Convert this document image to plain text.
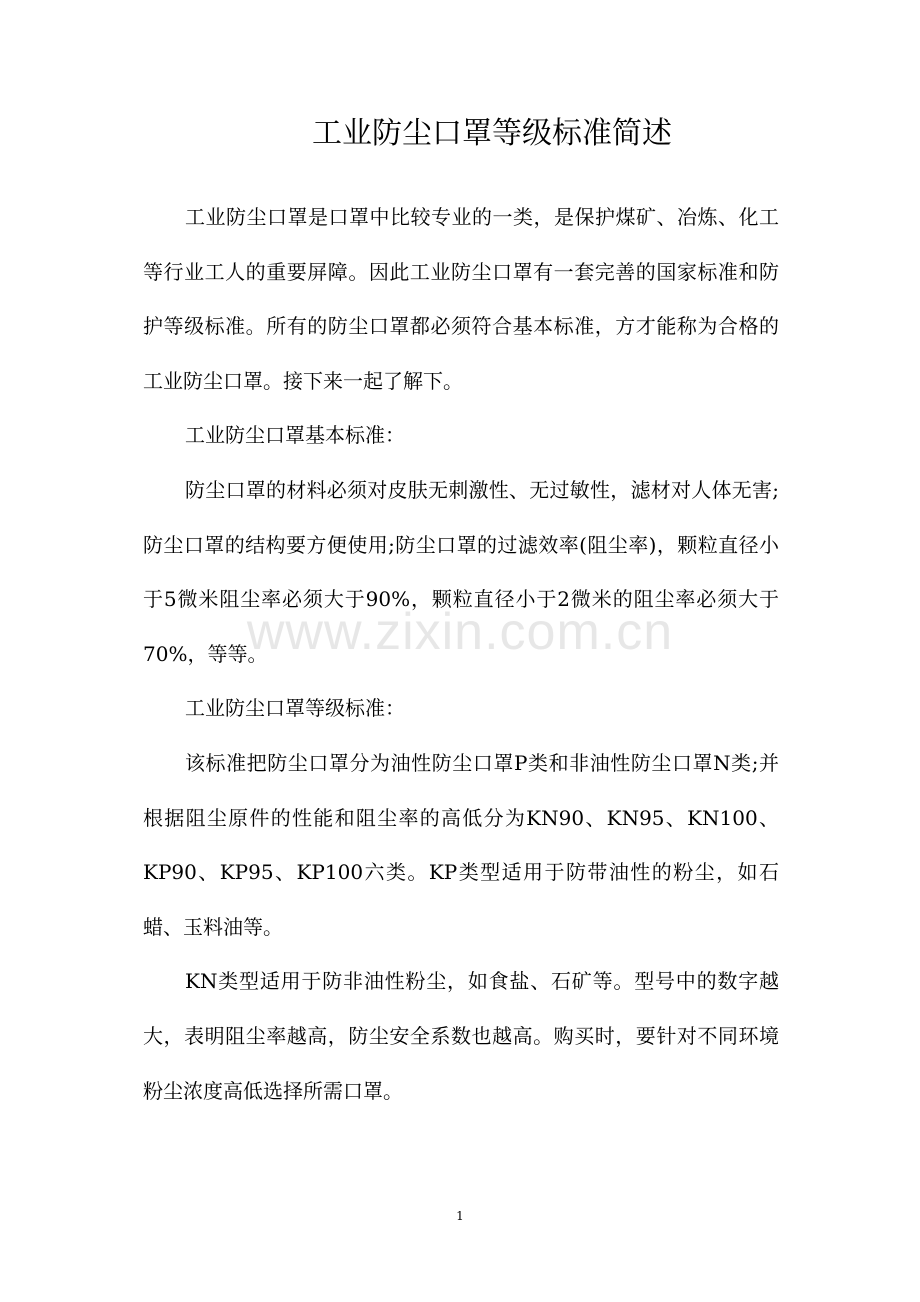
工业防尘口罩等级标准简述

工业防尘口罩是口罩中比较专业的一类，是保护煤矿、冶炼、化工等行业工人的重要屏障。因此工业防尘口罩有一套完善的国家标准和防护等级标准。所有的防尘口罩都必须符合基本标准，方才能称为合格的工业防尘口罩。接下来一起了解下。

工业防尘口罩基本标准：

防尘口罩的材料必须对皮肤无刺激性、无过敏性，滤材对人体无害;防尘口罩的结构要方便使用;防尘口罩的过滤效率(阻尘率)，颗粒直径小于5微米阻尘率必须大于90%，颗粒直径小于2微米的阻尘率必须大于70%，等等。

工业防尘口罩等级标准：

该标准把防尘口罩分为油性防尘口罩P类和非油性防尘口罩N类;并根据阻尘原件的性能和阻尘率的高低分为KN90、KN95、KN100、KP90、KP95、KP100六类。KP类型适用于防带油性的粉尘，如石蜡、玉料油等。

KN类型适用于防非油性粉尘，如食盐、石矿等。型号中的数字越大，表明阻尘率越高，防尘安全系数也越高。购买时，要针对不同环境粉尘浓度高低选择所需口罩。

www.zixin.com.cn
1
